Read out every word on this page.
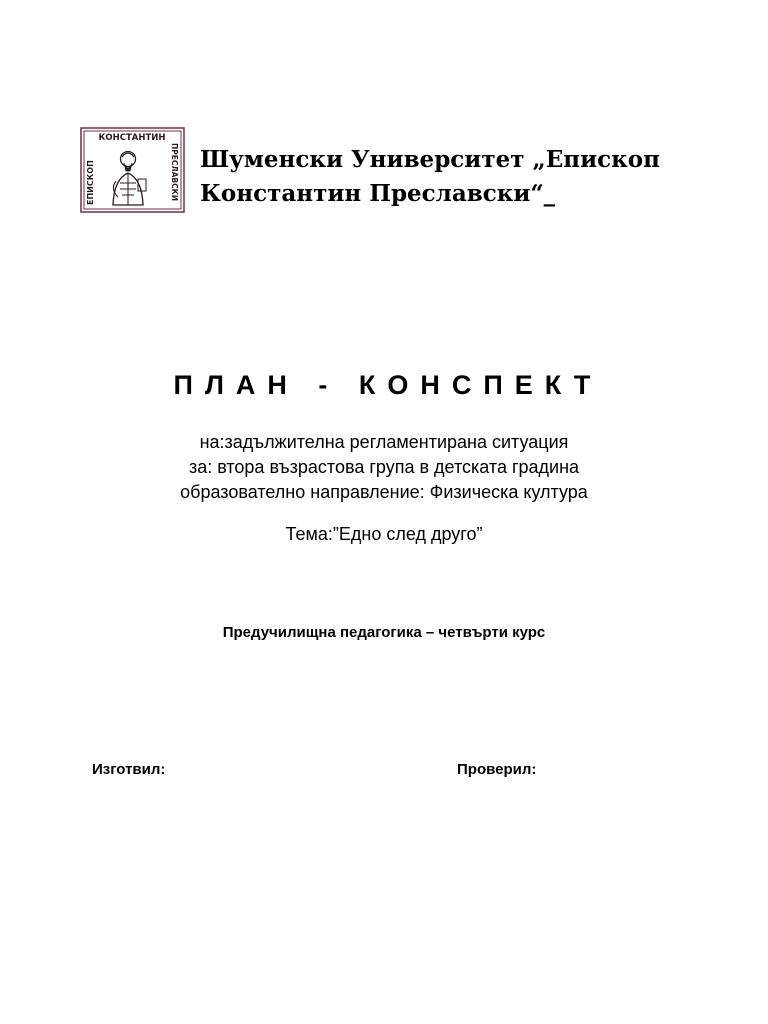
КОНСТАНТИН
ЕПИСКОП	ПРЕСЛАВСКИ Шуменски Университет „Епископ
Константин Преславски“_
ПЛАН - КОНСПЕКТ
на:задължителна регламентирана ситуация
за: втора възрастова група в детската градина
образователно направление: Физическа култура
Тема:”Едно след друго”
Предучилищна педагогика – четвърти курс
Изготвил:	Проверил:
